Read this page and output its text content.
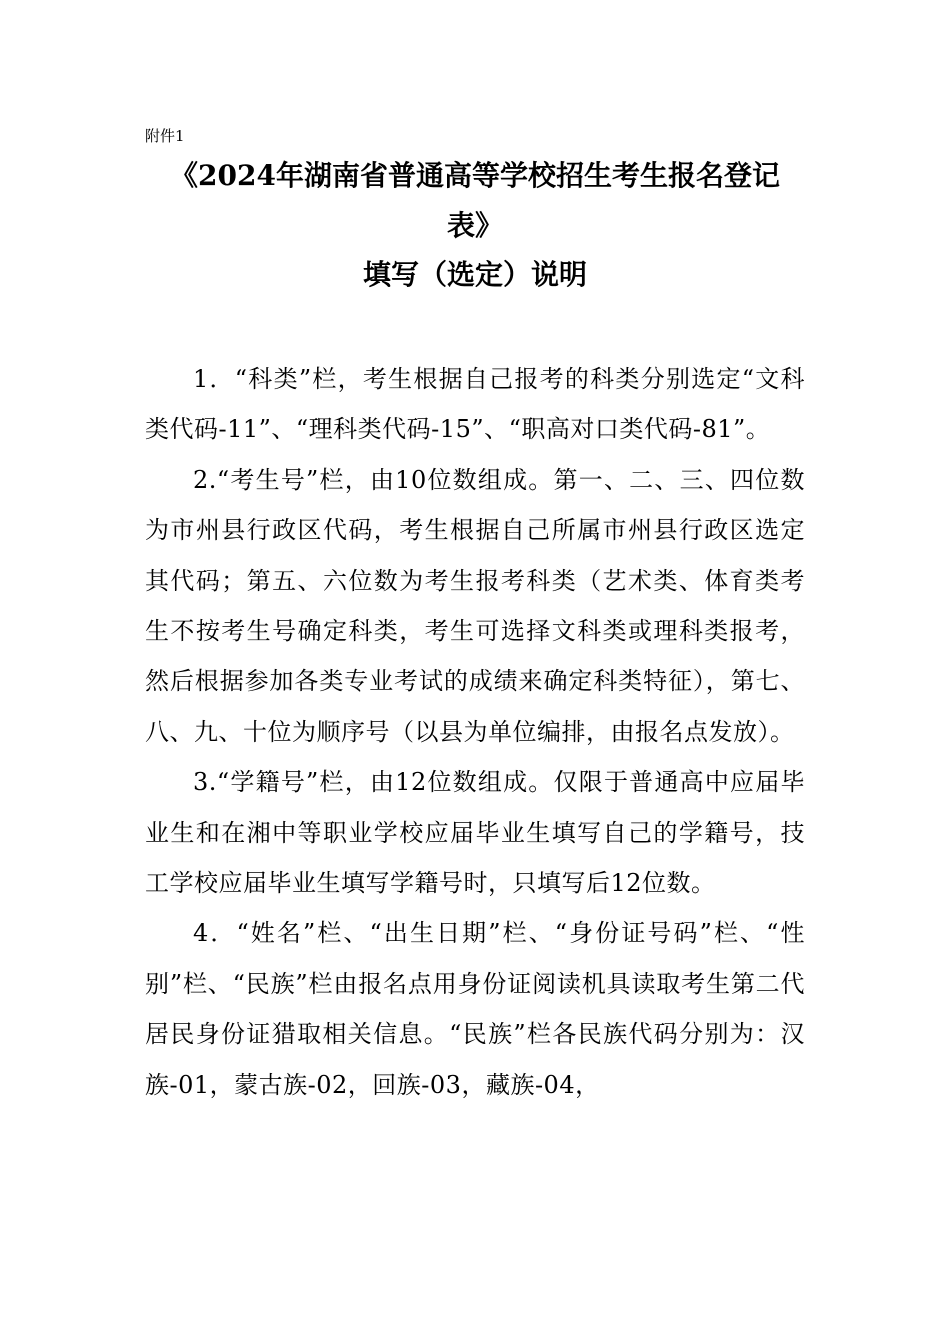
附件1
《2024年湖南省普通高等学校招生考生报名登记
表》
填写（选定）说明

1．“科类”栏，考生根据自己报考的科类分别选定“文科类代码-11”、“理科类代码-15”、“职高对口类代码-81”。

2.“考生号”栏，由10位数组成。第一、二、三、四位数为市州县行政区代码，考生根据自己所属市州县行政区选定其代码；第五、六位数为考生报考科类（艺术类、体育类考生不按考生号确定科类，考生可选择文科类或理科类报考，然后根据参加各类专业考试的成绩来确定科类特征），第七、八、九、十位为顺序号（以县为单位编排，由报名点发放）。

3.“学籍号”栏，由12位数组成。仅限于普通高中应届毕业生和在湘中等职业学校应届毕业生填写自己的学籍号，技工学校应届毕业生填写学籍号时，只填写后12位数。

4．“姓名”栏、“出生日期”栏、“身份证号码”栏、“性别”栏、“民族”栏由报名点用身份证阅读机具读取考生第二代居民身份证猎取相关信息。“民族”栏各民族代码分别为：汉族-01，蒙古族-02，回族-03，藏族-04，
